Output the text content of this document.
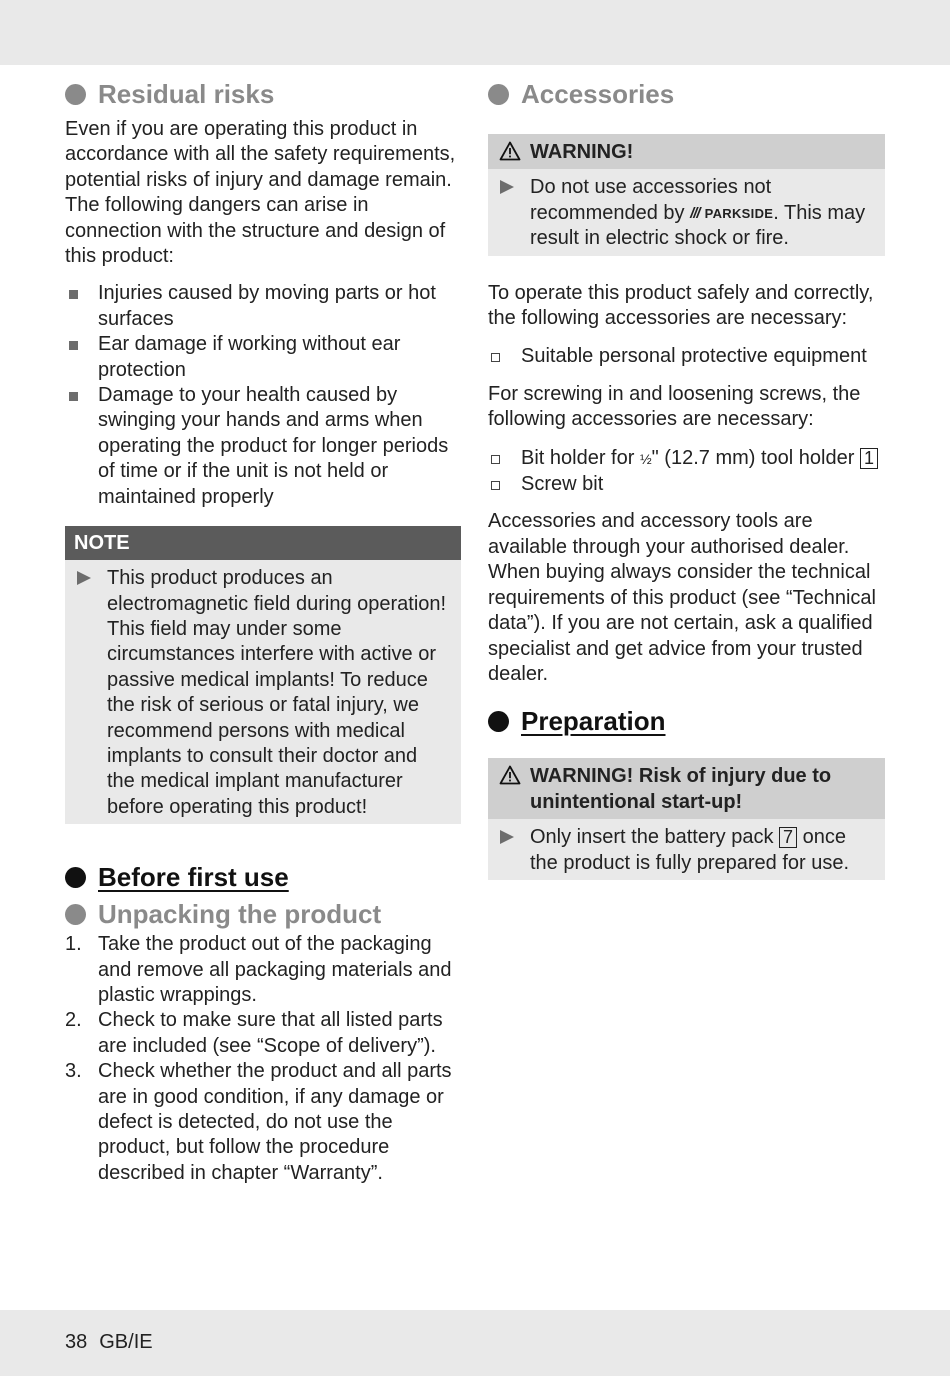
Residual risks

Even if you are operating this product in accordance with all the safety requirements, potential risks of injury and damage remain. The following dangers can arise in connection with the structure and design of this product:

Injuries caused by moving parts or hot surfaces
Ear damage if working without ear protection
Damage to your health caused by swinging your hands and arms when operating the product for longer periods of time or if the unit is not held or maintained properly
NOTE

This product produces an electromagnetic field during operation! This field may under some circumstances interfere with active or passive medical implants! To reduce the risk of serious or fatal injury, we recommend persons with medical implants to consult their doctor and the medical implant manufacturer before operating this product!

Before first use
Unpacking the product
1. Take the product out of the packaging and remove all packaging materials and plastic wrappings.
2. Check to make sure that all listed parts are included (see “Scope of delivery”).
3. Check whether the product and all parts are in good condition, if any damage or defect is detected, do not use the product, but follow the procedure described in chapter “Warranty”.
Accessories
WARNING!

Do not use accessories not recommended by /// PARKSIDE . This may result in electric shock or fire.

To operate this product safely and correctly, the following accessories are necessary:

Suitable personal protective equipment

For screwing in and loosening screws, the following accessories are necessary:

Bit holder for ½" (12.7 mm) tool holder 1
Screw bit

Accessories and accessory tools are available through your authorised dealer. When buying always consider the technical requirements of this product (see “Technical data”). If you are not certain, ask a qualified specialist and get advice from your trusted dealer.

Preparation
WARNING! Risk of injury due to unintentional start-up!

Only insert the battery pack 7 once the product is fully prepared for use.

38 GB/IE
